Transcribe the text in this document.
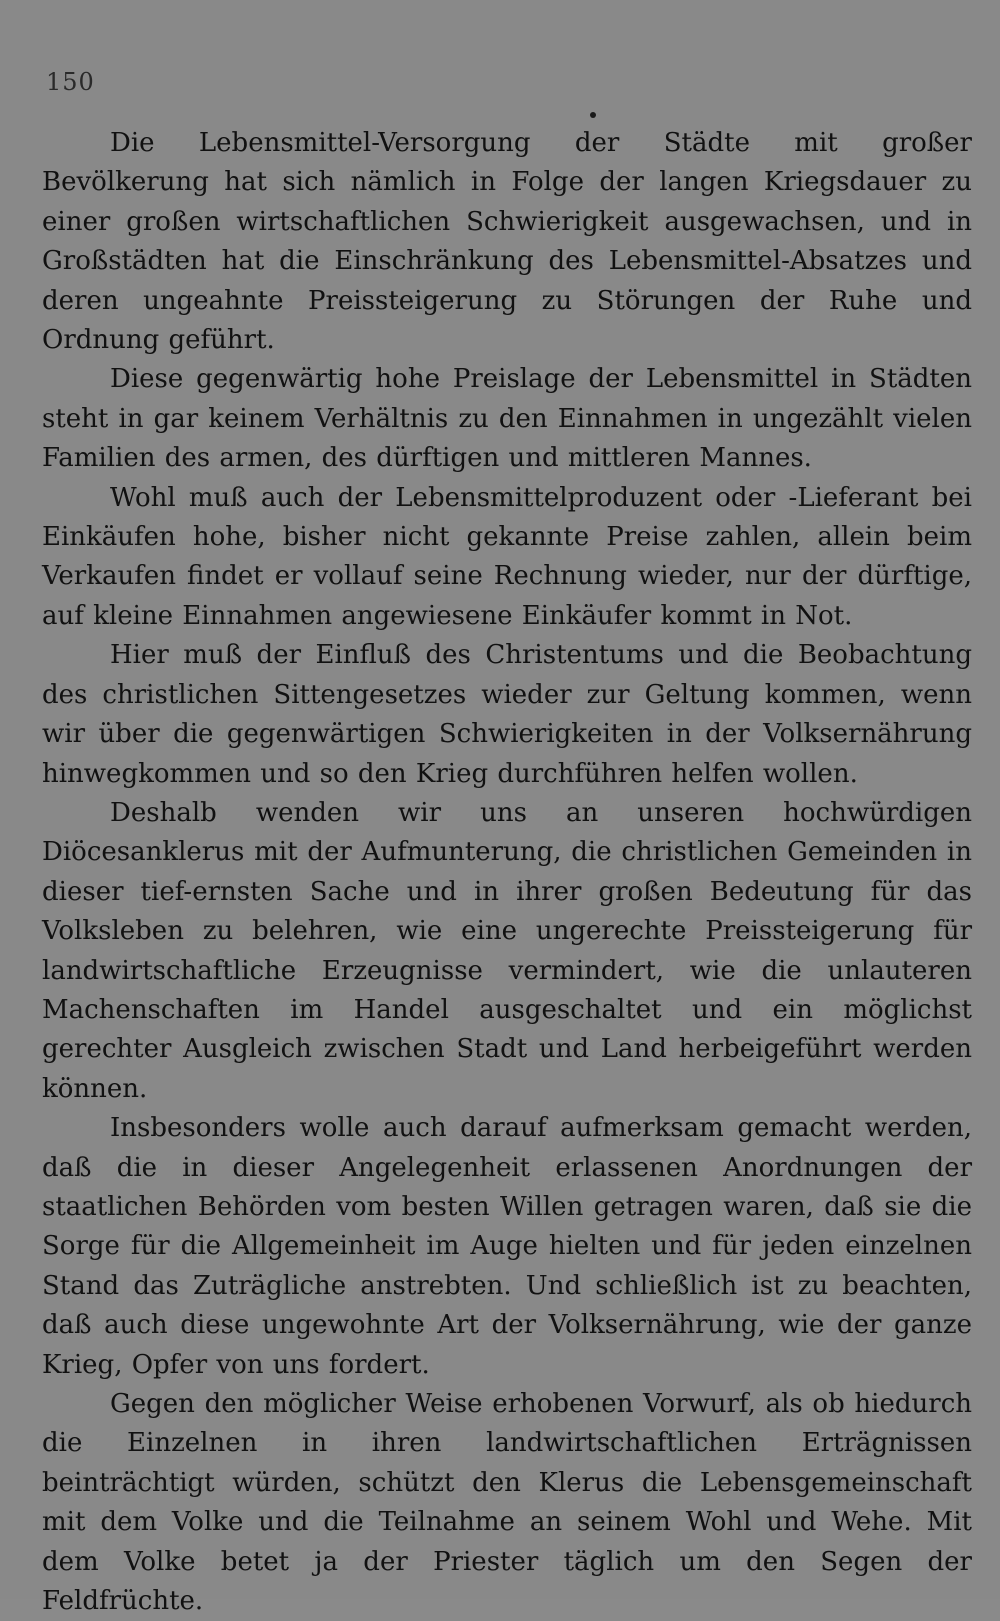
150

Die Lebensmittel-Versorgung der Städte mit großer Bevölkerung hat sich nämlich in Folge der langen Kriegsdauer zu einer großen wirtschaftlichen Schwierigkeit ausgewachsen, und in Großstädten hat die Einschränkung des Lebensmittel-Absatzes und deren ungeahnte Preissteigerung zu Störungen der Ruhe und Ordnung geführt.

Diese gegenwärtig hohe Preislage der Lebensmittel in Städten steht in gar keinem Verhältnis zu den Einnahmen in ungezählt vielen Familien des armen, des dürftigen und mittleren Mannes.

Wohl muß auch der Lebensmittelproduzent oder -Lieferant bei Einkäufen hohe, bisher nicht gekannte Preise zahlen, allein beim Verkaufen findet er vollauf seine Rechnung wieder, nur der dürftige, auf kleine Einnahmen angewiesene Einkäufer kommt in Not.

Hier muß der Einfluß des Christentums und die Beobachtung des christlichen Sittengesetzes wieder zur Geltung kommen, wenn wir über die gegenwärtigen Schwierigkeiten in der Volksernährung hinwegkommen und so den Krieg durchführen helfen wollen.

Deshalb wenden wir uns an unseren hochwürdigen Diöcesanklerus mit der Aufmunterung, die christlichen Gemeinden in dieser tief-ernsten Sache und in ihrer großen Bedeutung für das Volksleben zu belehren, wie eine ungerechte Preissteigerung für landwirtschaftliche Erzeugnisse vermindert, wie die unlauteren Machenschaften im Handel ausgeschaltet und ein möglichst gerechter Ausgleich zwischen Stadt und Land herbeigeführt werden können.

Insbesonders wolle auch darauf aufmerksam gemacht werden, daß die in dieser Angelegenheit erlassenen Anordnungen der staatlichen Behörden vom besten Willen getragen waren, daß sie die Sorge für die Allgemeinheit im Auge hielten und für jeden einzelnen Stand das Zuträgliche anstrebten. Und schließlich ist zu beachten, daß auch diese ungewohnte Art der Volksernährung, wie der ganze Krieg, Opfer von uns fordert.

Gegen den möglicher Weise erhobenen Vorwurf, als ob hiedurch die Einzelnen in ihren landwirtschaftlichen Erträgnissen beinträchtigt würden, schützt den Klerus die Lebensgemeinschaft mit dem Volke und die Teilnahme an seinem Wohl und Wehe. Mit dem Volke betet ja der Priester täglich um den Segen der Feldfrüchte.
